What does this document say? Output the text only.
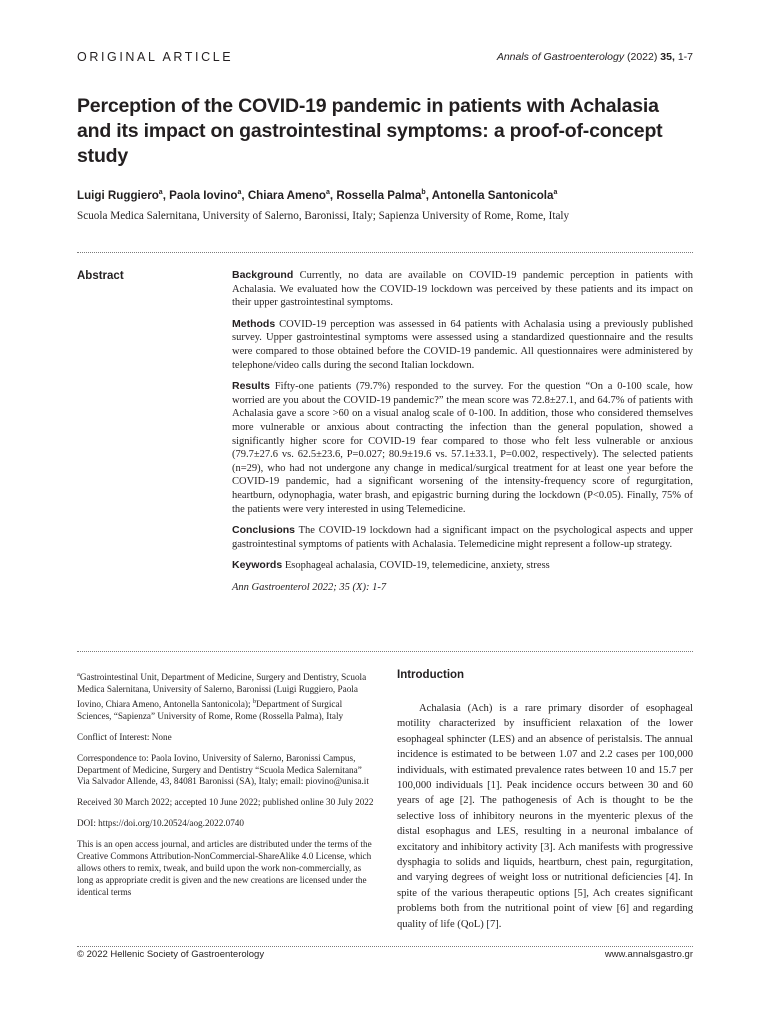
ORIGINAL ARTICLE	Annals of Gastroenterology (2022) 35, 1-7
Perception of the COVID-19 pandemic in patients with Achalasia and its impact on gastrointestinal symptoms: a proof-of-concept study
Luigi Ruggiero$^a$, Paola Iovino$^a$, Chiara Ameno$^a$, Rossella Palma$^b$, Antonella Santonicola$^a$
Scuola Medica Salernitana, University of Salerno, Baronissi, Italy; Sapienza University of Rome, Rome, Italy
Abstract	Background Currently, no data are available on COVID-19 pandemic perception in patients with Achalasia. We evaluated how the COVID-19 lockdown was perceived by these patients and its impact on their upper gastrointestinal symptoms.

Methods COVID-19 perception was assessed in 64 patients with Achalasia using a previously published survey. Upper gastrointestinal symptoms were assessed using a standardized questionnaire and the results were compared to those obtained before the COVID-19 pandemic. All questionnaires were administered by telephone/video calls during the second Italian lockdown.

Results Fifty-one patients (79.7%) responded to the survey. For the question “On a 0-100 scale, how worried are you about the COVID-19 pandemic?” the mean score was 72.8±27.1, and 64.7% of patients with Achalasia gave a score >60 on a visual analog scale of 0-100. In addition, those who considered themselves more vulnerable or anxious about contracting the infection than the general population, showed a significantly higher score for COVID-19 fear compared to those who felt less vulnerable or anxious (79.7±27.6 vs. 62.5±23.6, P=0.027; 80.9±19.6 vs. 57.1±33.1, P=0.002, respectively). The selected patients (n=29), who had not undergone any change in medical/surgical treatment for at least one year before the COVID-19 pandemic, had a significant worsening of the intensity-frequency score of regurgitation, heartburn, odynophagia, water brash, and epigastric burning during the lockdown (P<0.05). Finally, 75% of the patients were very interested in using Telemedicine.

Conclusions The COVID-19 lockdown had a significant impact on the psychological aspects and upper gastrointestinal symptoms of patients with Achalasia. Telemedicine might represent a follow-up strategy.

Keywords Esophageal achalasia, COVID-19, telemedicine, anxiety, stress

Ann Gastroenterol 2022; 35 (X): 1-7

$^a$Gastrointestinal Unit, Department of Medicine, Surgery and Dentistry, Scuola Medica Salernitana, University of Salerno, Baronissi (Luigi Ruggiero, Paola Iovino, Chiara Ameno, Antonella Santonicola); $^b$Department of Surgical Sciences, “Sapienza” University of Rome, Rome (Rossella Palma), Italy

Conflict of Interest: None

Correspondence to: Paola Iovino, University of Salerno, Baronissi Campus, Department of Medicine, Surgery and Dentistry “Scuola Medica Salernitana” Via Salvador Allende, 43, 84081 Baronissi (SA), Italy; email: piovino@unisa.it

Received 30 March 2022; accepted 10 June 2022; published online 30 July 2022

DOI: https://doi.org/10.20524/aog.2022.0740

This is an open access journal, and articles are distributed under the terms of the Creative Commons Attribution-NonCommercial-ShareAlike 4.0 License, which allows others to remix, tweak, and build upon the work non-commercially, as long as appropriate credit is given and the new creations are licensed under the identical terms

Introduction
Achalasia (Ach) is a rare primary disorder of esophageal motility characterized by insufficient relaxation of the lower esophageal sphincter (LES) and an absence of peristalsis. The annual incidence is estimated to be between 1.07 and 2.2 cases per 100,000 individuals, with estimated prevalence rates between 10 and 15.7 per 100,000 individuals [1]. Peak incidence occurs between 30 and 60 years of age [2]. The pathogenesis of Ach is thought to be the selective loss of inhibitory neurons in the myenteric plexus of the distal esophagus and LES, resulting in a neuronal imbalance of excitatory and inhibitory activity [3]. Ach manifests with progressive dysphagia to solids and liquids, heartburn, chest pain, regurgitation, and varying degrees of weight loss or nutritional deficiencies [4]. In spite of the various therapeutic options [5], Ach creates significant problems both from the nutritional point of view [6] and regarding quality of life (QoL) [7].
© 2022 Hellenic Society of Gastroenterology	www.annalsgastro.gr
